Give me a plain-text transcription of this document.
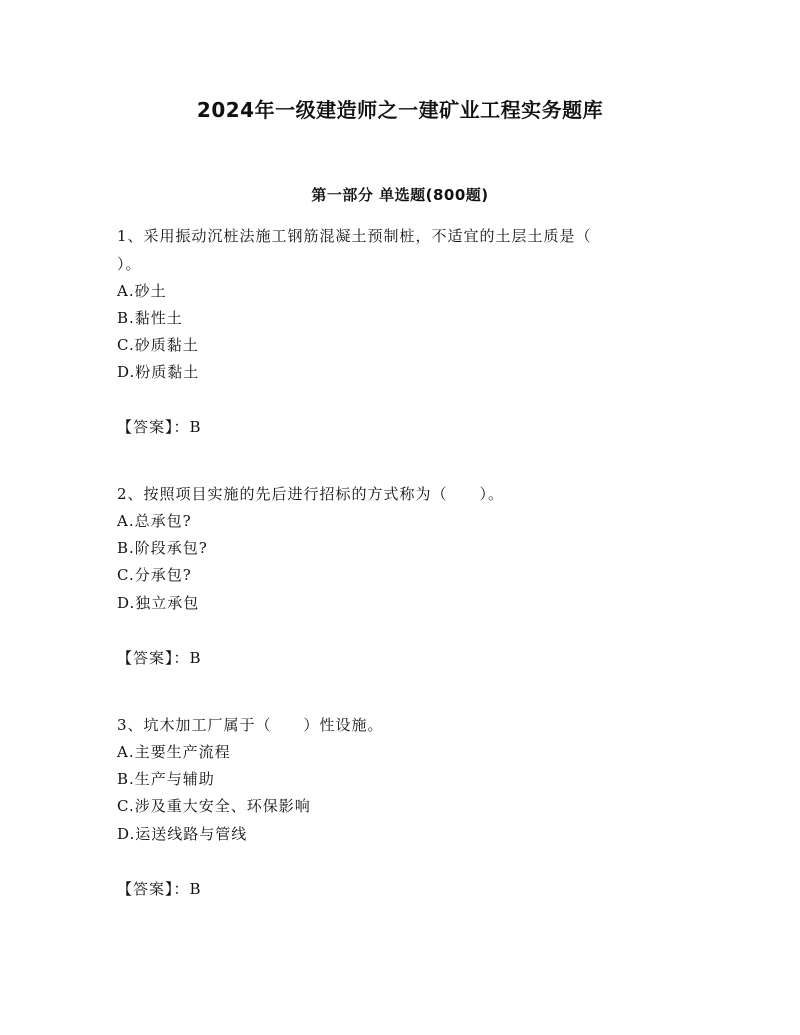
2024年一级建造师之一建矿业工程实务题库
第一部分 单选题(800题)
1、采用振动沉桩法施工钢筋混凝土预制桩，不适宜的土层土质是（
）。
A.砂土
B.黏性土
C.砂质黏土
D.粉质黏土
【答案】：B
2、按照项目实施的先后进行招标的方式称为（　　）。
A.总承包?
B.阶段承包?
C.分承包?
D.独立承包
【答案】：B
3、坑木加工厂属于（　　）性设施。
A.主要生产流程
B.生产与辅助
C.涉及重大安全、环保影响
D.运送线路与管线
【答案】：B
